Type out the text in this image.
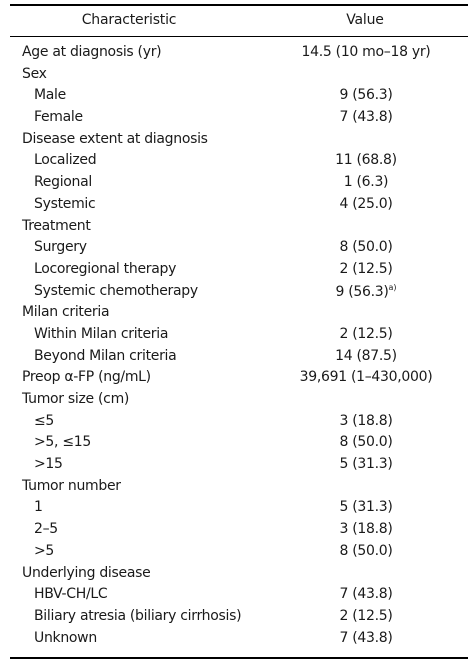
Characteristic	Value
Age at diagnosis (yr)	14.5 (10 mo–18 yr)
Sex
Male	9 (56.3)
Female	7 (43.8)
Disease extent at diagnosis
Localized	11 (68.8)
Regional	1 (6.3)
Systemic	4 (25.0)
Treatment
Surgery	8 (50.0)
Locoregional therapy	2 (12.5)
Systemic chemotherapy	9 $(56.3)^{a)}$
Milan criteria
Within Milan criteria	2 (12.5)
Beyond Milan criteria	14 (87.5)
Preop α-FP (ng/mL)	39,691 (1–430,000)
Tumor size (cm)
≤5	3 (18.8)
>5, ≤15	8 (50.0)
>15	5 (31.3)
Tumor number
1	5 (31.3)
2–5	3 (18.8)
>5	8 (50.0)
Underlying disease
HBV-CH/LC	7 (43.8)
Biliary atresia (biliary cirrhosis)	2 (12.5)
Unknown	7 (43.8)
